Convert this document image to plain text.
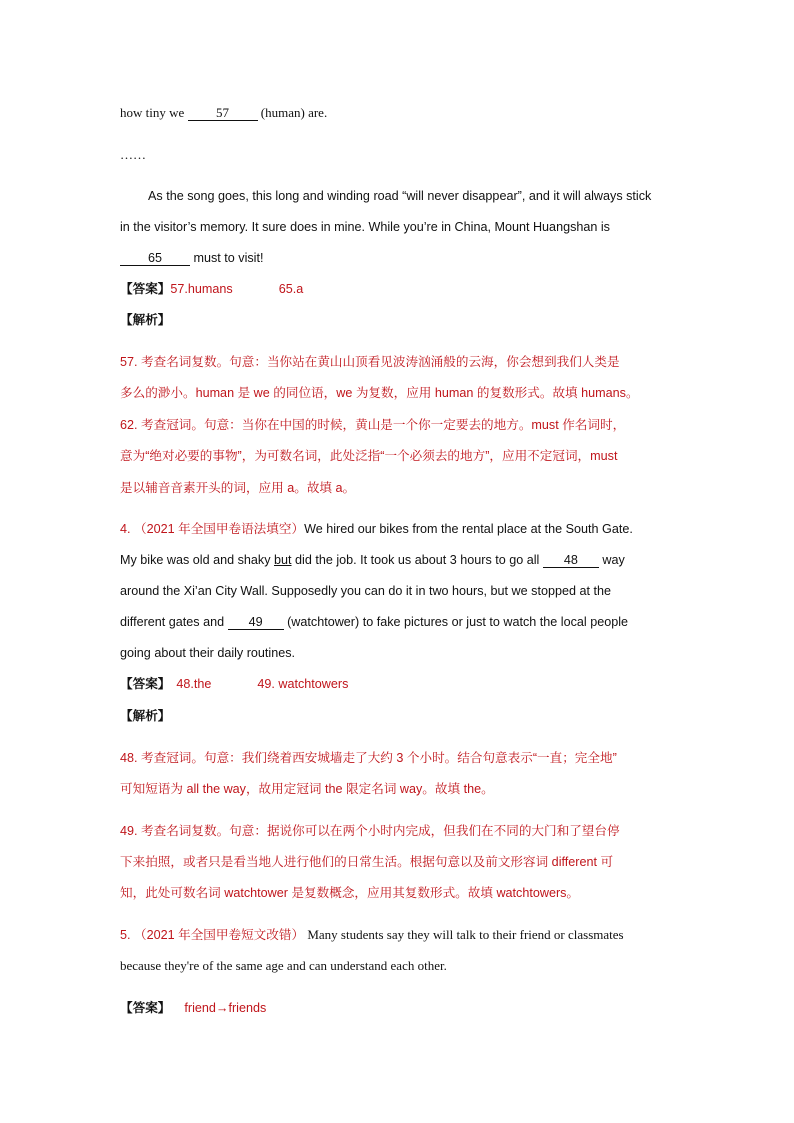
how tiny we 57 (human) are.
……
As the song goes, this long and winding road “will never disappear”, and it will always stick
in the visitor’s memory. It sure does in mine. While you’re in China, Mount Huangshan is
65 must to visit!
【答案】57.humans	65.a
【解析】
57. 考查名词复数。句意：当你站在黄山山顶看见波涛汹涌般的云海，你会想到我们人类是
多么的渺小。human 是 we 的同位语，we 为复数，应用 human 的复数形式。故填 humans。
62. 考查冠词。句意：当你在中国的时候，黄山是一个你一定要去的地方。must 作名词时，
意为“绝对必要的事物”，为可数名词，此处泛指“一个必须去的地方”，应用不定冠词，must
是以辅音音素开头的词，应用 a。故填 a。
4. （2021 年全国甲卷语法填空）We hired our bikes from the rental place at the South Gate.
My bike was old and shaky but did the job. It took us about 3 hours to go all 48 way
around the Xi’an City Wall. Supposedly you can do it in two hours, but we stopped at the
different gates and 49 (watchtower) to fake pictures or just to watch the local people
going about their daily routines.
【答案】 48.the	49. watchtowers
【解析】
48. 考查冠词。句意：我们绕着西安城墙走了大约 3 个小时。结合句意表示“一直；完全地”
可知短语为 all the way，故用定冠词 the 限定名词 way。故填 the。
49. 考查名词复数。句意：据说你可以在两个小时内完成，但我们在不同的大门和了望台停
下来拍照，或者只是看当地人进行他们的日常生活。根据句意以及前文形容词 different 可
知，此处可数名词 watchtower 是复数概念，应用其复数形式。故填 watchtowers。
5. （2021 年全国甲卷短文改错） Many students say they will talk to their friend or classmates
because they're of the same age and can understand each other.
【答案】 friend→friends
